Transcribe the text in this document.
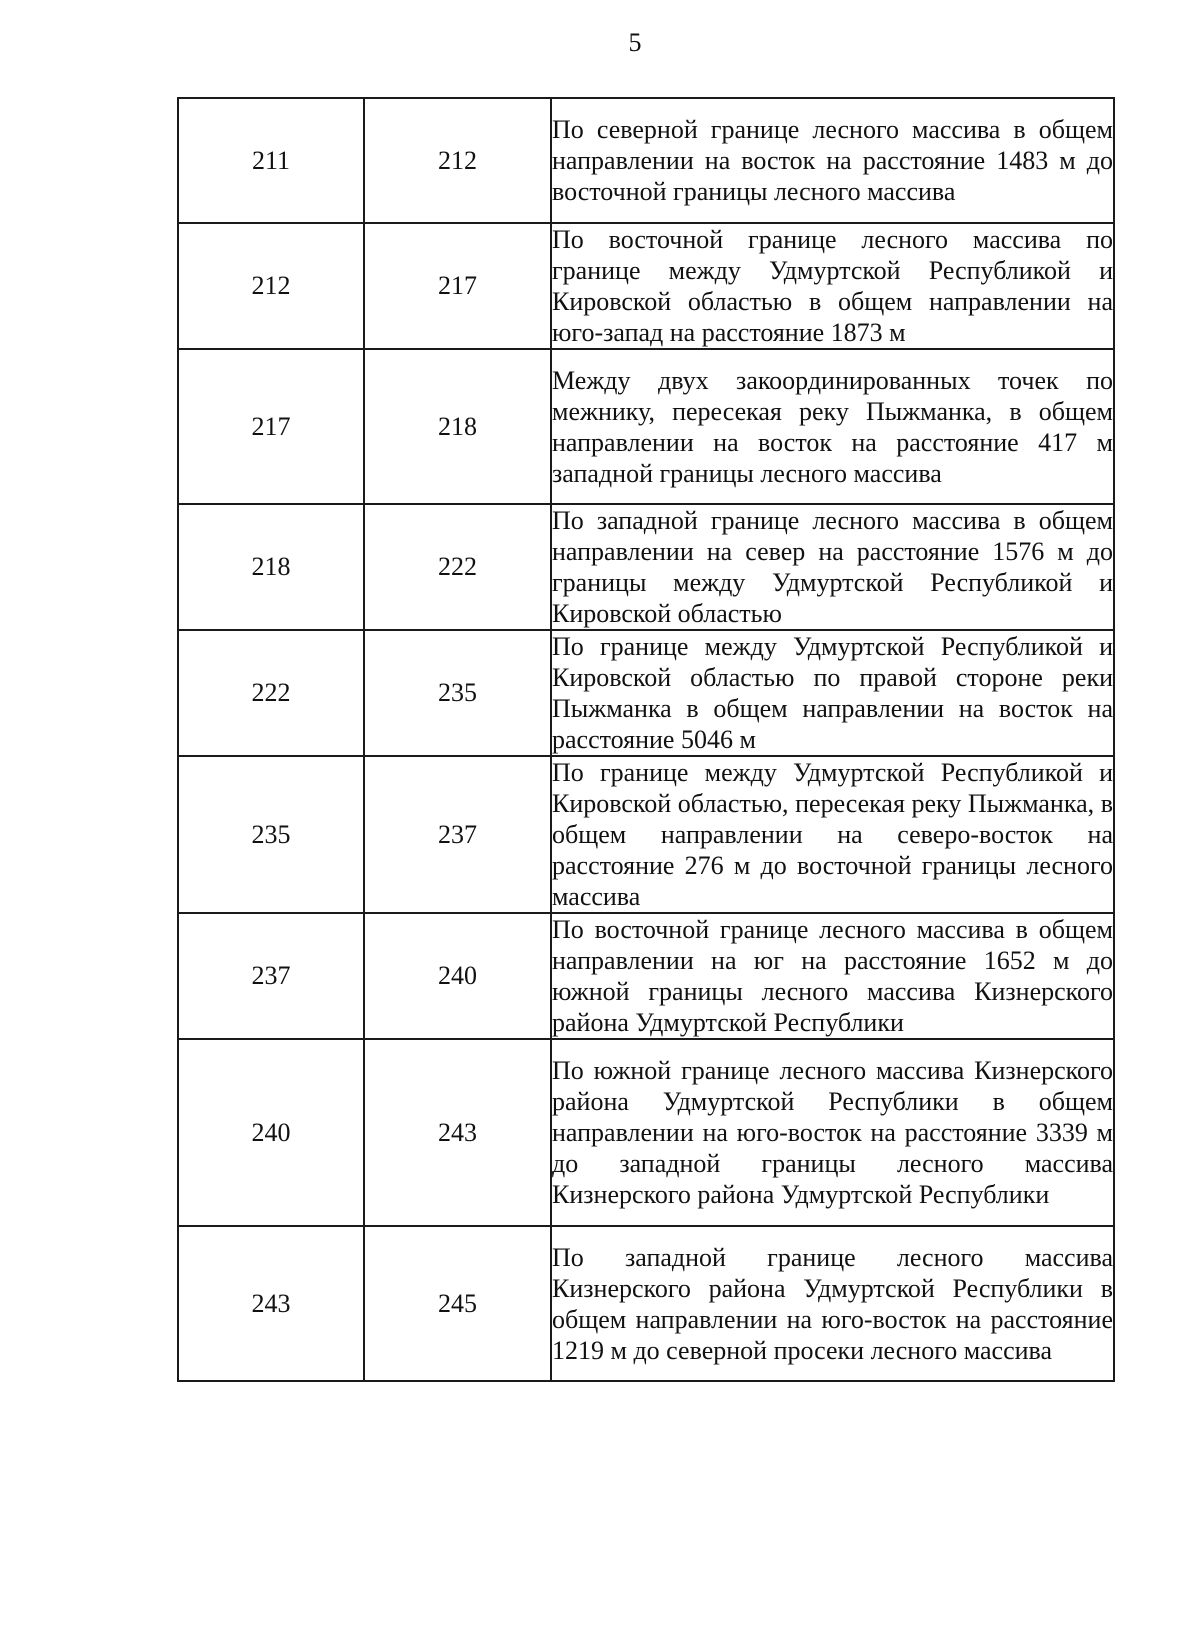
5
211	212	По северной границе лесного массива в общем направлении на восток на расстояние 1483 м до восточной границы лесного массива
212	217	По восточной границе лесного массива по границе между Удмуртской Республикой и Кировской областью в общем направлении на юго-запад на расстояние 1873 м
217	218	Между двух закоординированных точек по межнику, пересекая реку Пыжманка, в общем направлении на восток на расстояние 417 м западной границы лесного массива
218	222	По западной границе лесного массива в общем направлении на север на расстояние 1576 м до границы между Удмуртской Республикой и Кировской областью
222	235	По границе между Удмуртской Республикой и Кировской областью по правой стороне реки Пыжманка в общем направлении на восток на расстояние 5046 м
235	237	По границе между Удмуртской Республикой и Кировской областью, пересекая реку Пыжманка, в общем направлении на северо-восток на расстояние 276 м до восточной границы лесного массива
237	240	По восточной границе лесного массива в общем направлении на юг на расстояние 1652 м до южной границы лесного массива Кизнерского района Удмуртской Республики
240	243	По южной границе лесного массива Кизнерского района Удмуртской Республики в общем направлении на юго-восток на расстояние 3339 м до западной границы лесного массива Кизнерского района Удмуртской Республики
243	245	По западной границе лесного массива Кизнерского района Удмуртской Республики в общем направлении на юго-восток на расстояние 1219 м до северной просеки лесного массива
